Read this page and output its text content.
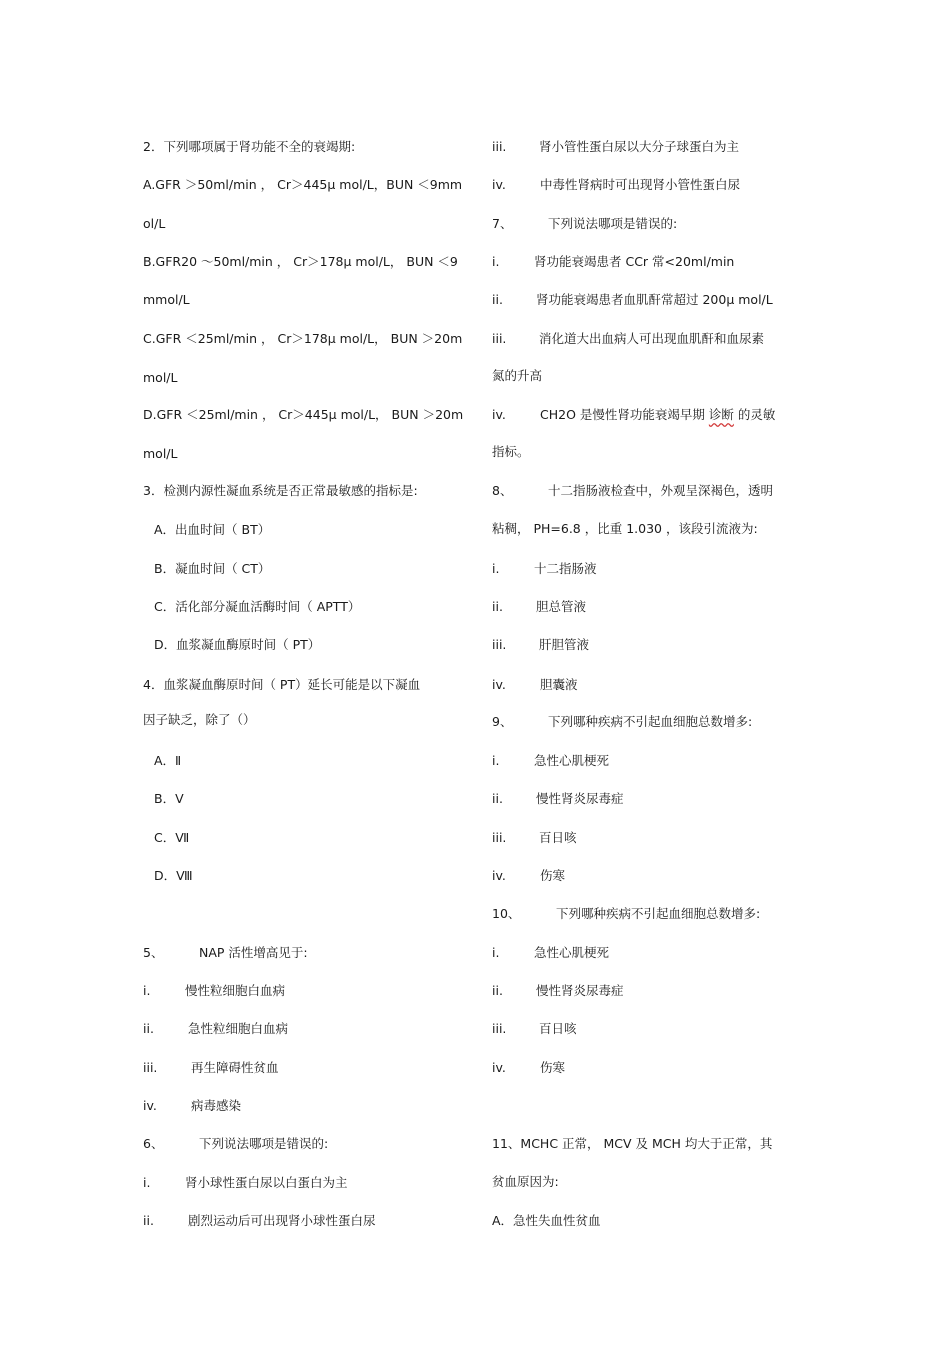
2．下列哪项属于肾功能不全的衰竭期:
A.GFR ＞50ml/min ， Cr＞445μ mol/L，BUN ＜9mm
ol/L
B.GFR20 ～50ml/min ， Cr＞178μ mol/L， BUN ＜9
mmol/L
C.GFR ＜25ml/min ， Cr＞178μ mol/L， BUN ＞20m
mol/L
D.GFR ＜25ml/min ， Cr＞445μ mol/L， BUN ＞20m
mol/L
3．检测内源性凝血系统是否正常最敏感的指标是:
A．出血时间（ BT）
B．凝血时间（ CT）
C．活化部分凝血活酶时间（ APTT）
D．血浆凝血酶原时间（ PT）
4．血浆凝血酶原时间（ PT）延长可能是以下凝血
因子缺乏，除了（）
A．Ⅱ
B．Ⅴ
C．Ⅶ
D．Ⅷ
5、	NAP 活性增高见于:
i.	慢性粒细胞白血病
ii.	急性粒细胞白血病
iii.	再生障碍性贫血
iv.	病毒感染
6、	下列说法哪项是错误的:
i.	肾小球性蛋白尿以白蛋白为主
ii.	剧烈运动后可出现肾小球性蛋白尿
iii.	肾小管性蛋白尿以大分子球蛋白为主
iv.	中毒性肾病时可出现肾小管性蛋白尿
7、	下列说法哪项是错误的:
i.	肾功能衰竭患者 CCr 常<20ml/min
ii.	肾功能衰竭患者血肌酐常超过 200μ mol/L
iii.	消化道大出血病人可出现血肌酐和血尿素
氮的升高
iv.	CH2O 是慢性肾功能衰竭早期 诊断 的灵敏
指标。
8、	十二指肠液检查中，外观呈深褐色，透明
粘稠， PH=6.8 ，比重 1.030 ，该段引流液为:
i.	十二指肠液
ii.	胆总管液
iii.	肝胆管液
iv.	胆囊液
9、	下列哪种疾病不引起血细胞总数增多:
i.	急性心肌梗死
ii.	慢性肾炎尿毒症
iii.	百日咳
iv.	伤寒
10、	下列哪种疾病不引起血细胞总数增多:
i.	急性心肌梗死
ii.	慢性肾炎尿毒症
iii.	百日咳
iv.	伤寒
11、MCHC 正常， MCV 及 MCH 均大于正常，其
贫血原因为:
A．急性失血性贫血
